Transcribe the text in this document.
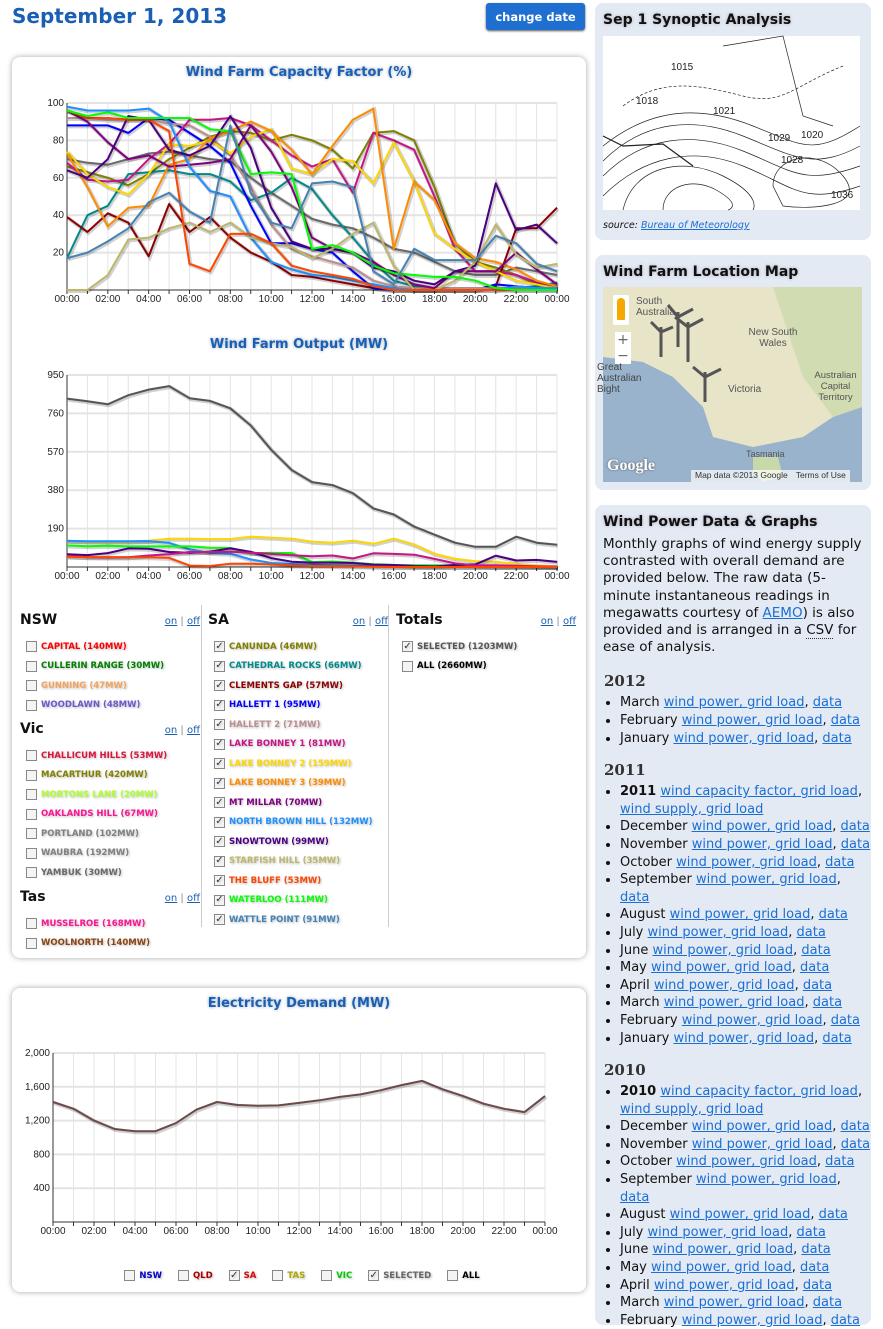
September 1, 2013	change date
Wind Farm Capacity Factor (%)
20
40
60
80
100
00:00 02:00 04:00 06:00 08:00 10:00 12:00 14:00 16:00 18:00 20:00 22:00 00:00
Wind Farm Output (MW)
190
380
570
760
950
00:00 02:00 04:00 06:00 08:00 10:00 12:00 14:00 16:00 18:00 20:00 22:00 00:00
NSW	on | off
CAPITAL (140MW)
CULLERIN RANGE (30MW)
GUNNING (47MW)
WOODLAWN (48MW)
Vic	on | off
CHALLICUM HILLS (53MW)
MACARTHUR (420MW)
MORTONS LANE (20MW)
OAKLANDS HILL (67MW)
PORTLAND (102MW)
WAUBRA (192MW)
YAMBUK (30MW)
Tas	on | off
MUSSELROE (168MW)
WOOLNORTH (140MW)
SA	on | off
✓ CANUNDA (46MW)
✓ CATHEDRAL ROCKS (66MW)
✓ CLEMENTS GAP (57MW)
✓ HALLETT 1 (95MW)
✓ HALLETT 2 (71MW)
✓ LAKE BONNEY 1 (81MW)
✓ LAKE BONNEY 2 (159MW)
✓ LAKE BONNEY 3 (39MW)
✓ MT MILLAR (70MW)
✓ NORTH BROWN HILL (132MW)
✓ SNOWTOWN (99MW)
✓ STARFISH HILL (35MW)
✓ THE BLUFF (53MW)
✓ WATERLOO (111MW)
✓ WATTLE POINT (91MW)
Totals	on | off
✓ SELECTED (1203MW)
ALL (2660MW)
Electricity Demand (MW)
400
800
1,200
1,600
2,000
00:00 02:00 04:00 06:00 08:00 10:00 12:00 14:00 16:00 18:00 20:00 22:00 00:00
NSW	QLD ✓ SA	TAS	VIC ✓ SELECTED	ALL
Sep 1 Synoptic Analysis
1015
1018
1021
1029 1020
1028
1036
source: Bureau of Meteorology
Wind Farm Location Map
+
−
South Australia
New South Wales
Victoria
Australian Capital Territory
Great Australian Bight
Tasmania
Google
Map data ©2013 Google Terms of Use
Wind Power Data & Graphs

Monthly graphs of wind energy supply contrasted with overall demand are provided below. The raw data (5-minute instantaneous readings in megawatts courtesy of AEMO) is also provided and is arranged in a CSV for ease of analysis.

2012
• March wind power, grid load, data
• February wind power, grid load, data
• January wind power, grid load, data
2011
• 2011 wind capacity factor, grid load, wind supply, grid load
• December wind power, grid load, data
• November wind power, grid load, data
• October wind power, grid load, data
• September wind power, grid load, data
• August wind power, grid load, data
• July wind power, grid load, data
• June wind power, grid load, data
• May wind power, grid load, data
• April wind power, grid load, data
• March wind power, grid load, data
• February wind power, grid load, data
• January wind power, grid load, data
2010
• 2010 wind capacity factor, grid load, wind supply, grid load
• December wind power, grid load, data
• November wind power, grid load, data
• October wind power, grid load, data
• September wind power, grid load, data
• August wind power, grid load, data
• July wind power, grid load, data
• June wind power, grid load, data
• May wind power, grid load, data
• April wind power, grid load, data
• March wind power, grid load, data
• February wind power, grid load, data
